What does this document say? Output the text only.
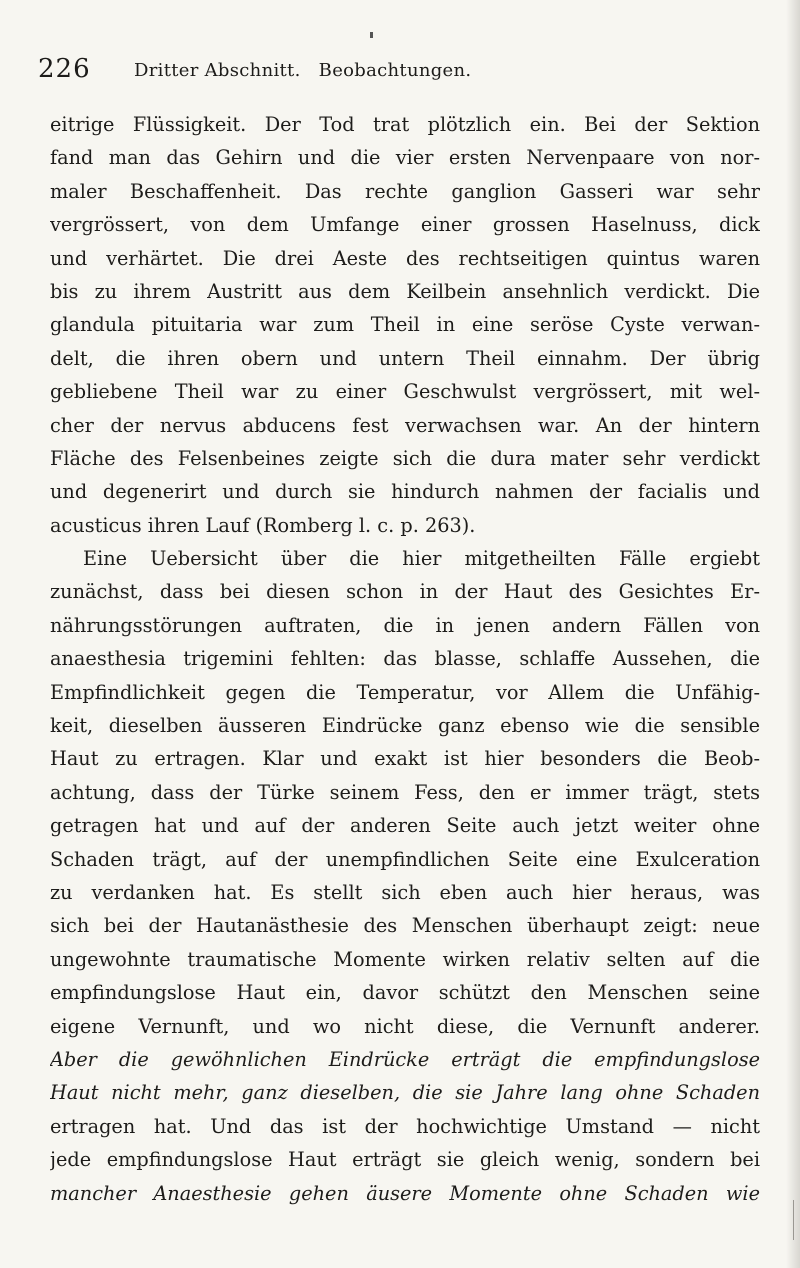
226 Dritter Abschnitt.   Beobachtungen.
eitrige Flüssigkeit. Der Tod trat plötzlich ein. Bei der Sektion
fand man das Gehirn und die vier ersten Nervenpaare von nor-
maler Beschaffenheit. Das rechte ganglion Gasseri war sehr
vergrössert, von dem Umfange einer grossen Haselnuss, dick
und verhärtet. Die drei Aeste des rechtseitigen quintus waren
bis zu ihrem Austritt aus dem Keilbein ansehnlich verdickt. Die
glandula pituitaria war zum Theil in eine seröse Cyste verwan-
delt, die ihren obern und untern Theil einnahm. Der übrig
gebliebene Theil war zu einer Geschwulst vergrössert, mit wel-
cher der nervus abducens fest verwachsen war. An der hintern
Fläche des Felsenbeines zeigte sich die dura mater sehr verdickt
und degenerirt und durch sie hindurch nahmen der facialis und
acusticus ihren Lauf (Romberg l. c. p. 263).
Eine Uebersicht über die hier mitgetheilten Fälle ergiebt
zunächst, dass bei diesen schon in der Haut des Gesichtes Er-
nährungsstörungen auftraten, die in jenen andern Fällen von
anaesthesia trigemini fehlten: das blasse, schlaffe Aussehen, die
Empfindlichkeit gegen die Temperatur, vor Allem die Unfähig-
keit, dieselben äusseren Eindrücke ganz ebenso wie die sensible
Haut zu ertragen. Klar und exakt ist hier besonders die Beob-
achtung, dass der Türke seinem Fess, den er immer trägt, stets
getragen hat und auf der anderen Seite auch jetzt weiter ohne
Schaden trägt, auf der unempfindlichen Seite eine Exulceration
zu verdanken hat. Es stellt sich eben auch hier heraus, was
sich bei der Hautanästhesie des Menschen überhaupt zeigt: neue
ungewohnte traumatische Momente wirken relativ selten auf die
empfindungslose Haut ein, davor schützt den Menschen seine
eigene Vernunft, und wo nicht diese, die Vernunft anderer.
Aber die gewöhnlichen Eindrücke erträgt die empfindungslose
Haut nicht mehr, ganz dieselben, die sie Jahre lang ohne Schaden
ertragen hat. Und das ist der hochwichtige Umstand — nicht
jede empfindungslose Haut erträgt sie gleich wenig, sondern bei
mancher Anaesthesie gehen äusere Momente ohne Schaden wie
